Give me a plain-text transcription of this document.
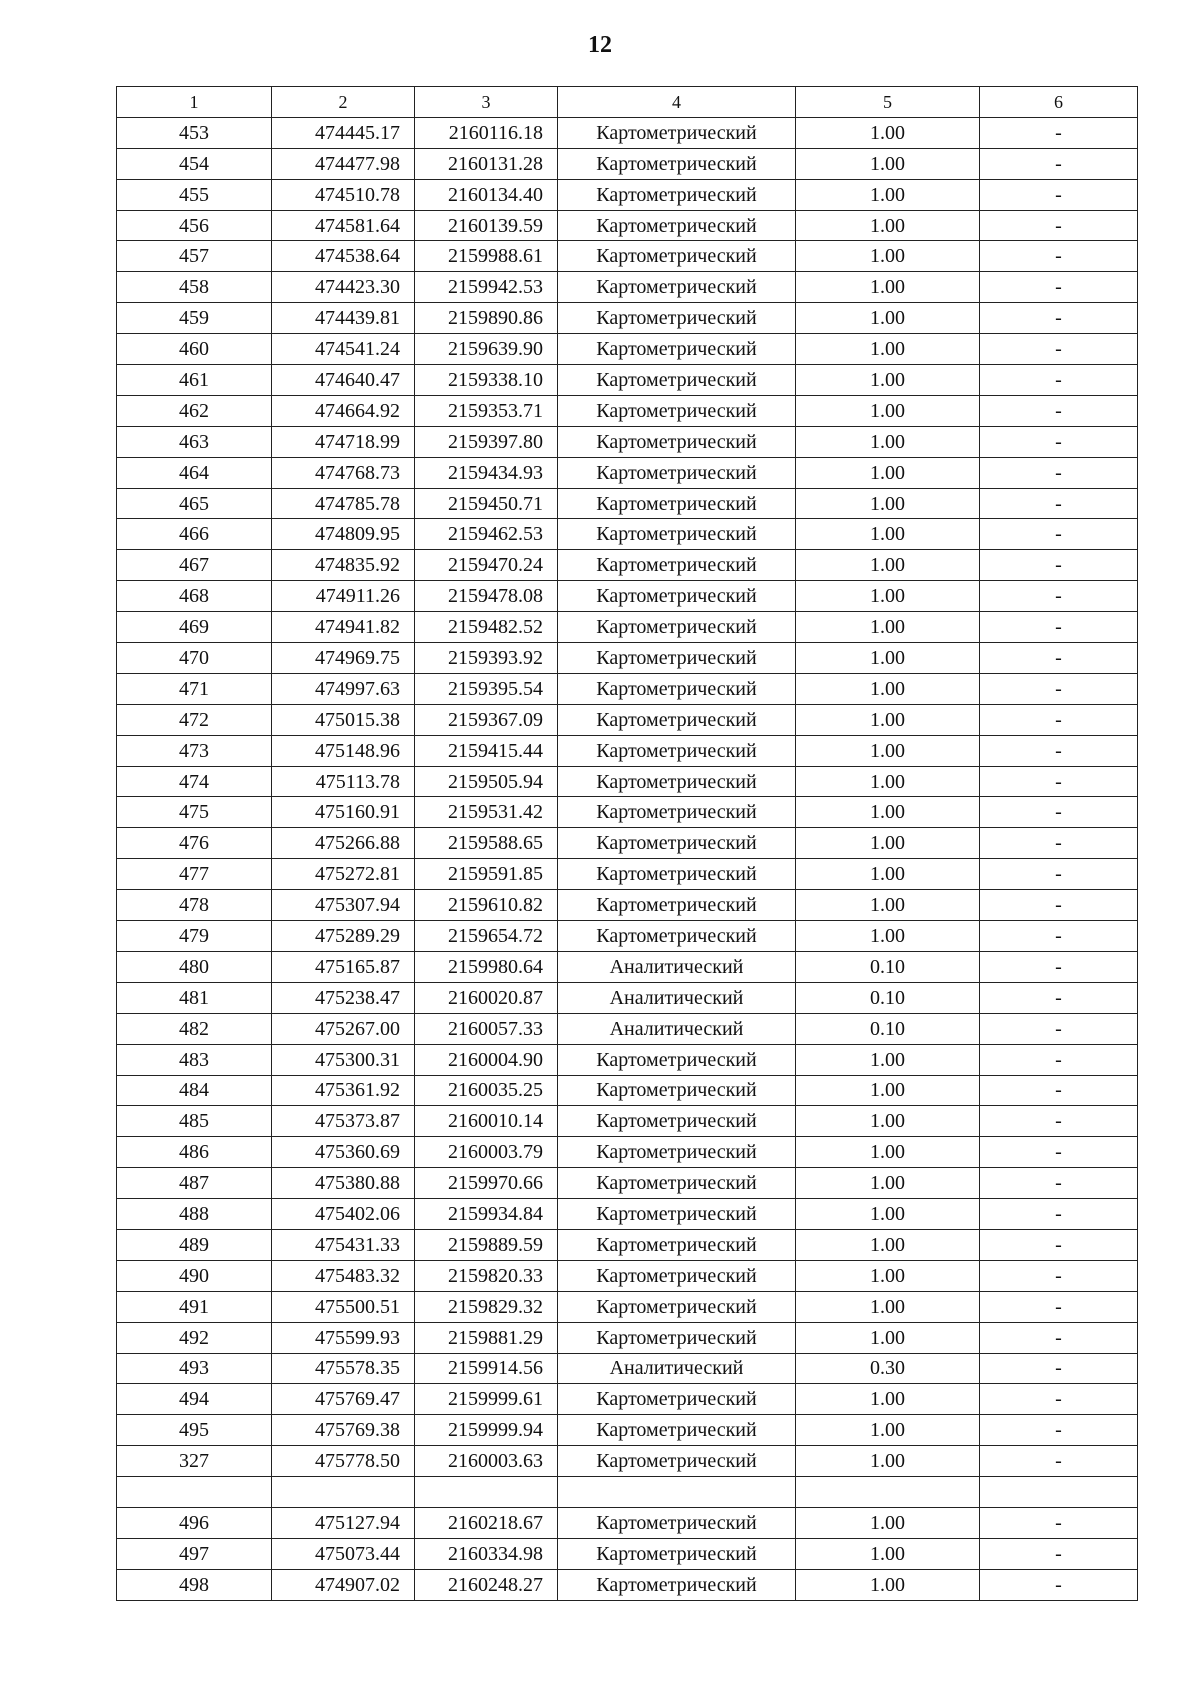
12
1	2	3	4	5	6
453	474445.17	2160116.18	Картометрический	1.00	-
454	474477.98	2160131.28	Картометрический	1.00	-
455	474510.78	2160134.40	Картометрический	1.00	-
456	474581.64	2160139.59	Картометрический	1.00	-
457	474538.64	2159988.61	Картометрический	1.00	-
458	474423.30	2159942.53	Картометрический	1.00	-
459	474439.81	2159890.86	Картометрический	1.00	-
460	474541.24	2159639.90	Картометрический	1.00	-
461	474640.47	2159338.10	Картометрический	1.00	-
462	474664.92	2159353.71	Картометрический	1.00	-
463	474718.99	2159397.80	Картометрический	1.00	-
464	474768.73	2159434.93	Картометрический	1.00	-
465	474785.78	2159450.71	Картометрический	1.00	-
466	474809.95	2159462.53	Картометрический	1.00	-
467	474835.92	2159470.24	Картометрический	1.00	-
468	474911.26	2159478.08	Картометрический	1.00	-
469	474941.82	2159482.52	Картометрический	1.00	-
470	474969.75	2159393.92	Картометрический	1.00	-
471	474997.63	2159395.54	Картометрический	1.00	-
472	475015.38	2159367.09	Картометрический	1.00	-
473	475148.96	2159415.44	Картометрический	1.00	-
474	475113.78	2159505.94	Картометрический	1.00	-
475	475160.91	2159531.42	Картометрический	1.00	-
476	475266.88	2159588.65	Картометрический	1.00	-
477	475272.81	2159591.85	Картометрический	1.00	-
478	475307.94	2159610.82	Картометрический	1.00	-
479	475289.29	2159654.72	Картометрический	1.00	-
480	475165.87	2159980.64	Аналитический	0.10	-
481	475238.47	2160020.87	Аналитический	0.10	-
482	475267.00	2160057.33	Аналитический	0.10	-
483	475300.31	2160004.90	Картометрический	1.00	-
484	475361.92	2160035.25	Картометрический	1.00	-
485	475373.87	2160010.14	Картометрический	1.00	-
486	475360.69	2160003.79	Картометрический	1.00	-
487	475380.88	2159970.66	Картометрический	1.00	-
488	475402.06	2159934.84	Картометрический	1.00	-
489	475431.33	2159889.59	Картометрический	1.00	-
490	475483.32	2159820.33	Картометрический	1.00	-
491	475500.51	2159829.32	Картометрический	1.00	-
492	475599.93	2159881.29	Картометрический	1.00	-
493	475578.35	2159914.56	Аналитический	0.30	-
494	475769.47	2159999.61	Картометрический	1.00	-
495	475769.38	2159999.94	Картометрический	1.00	-
327	475778.50	2160003.63	Картометрический	1.00	-

496	475127.94	2160218.67	Картометрический	1.00	-
497	475073.44	2160334.98	Картометрический	1.00	-
498	474907.02	2160248.27	Картометрический	1.00	-
